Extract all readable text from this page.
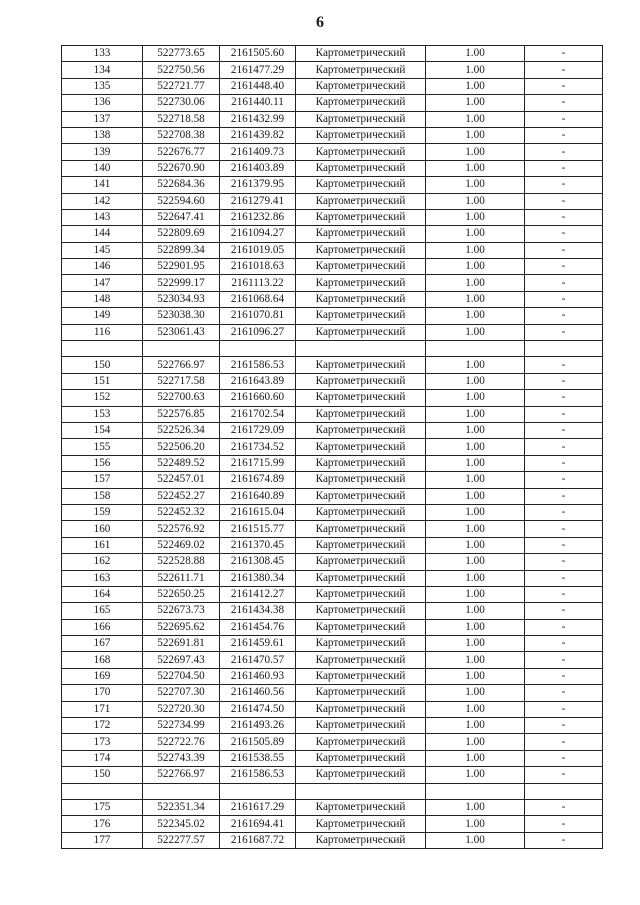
6
133	522773.65	2161505.60	Картометрический	1.00	-
134	522750.56	2161477.29	Картометрический	1.00	-
135	522721.77	2161448.40	Картометрический	1.00	-
136	522730.06	2161440.11	Картометрический	1.00	-
137	522718.58	2161432.99	Картометрический	1.00	-
138	522708.38	2161439.82	Картометрический	1.00	-
139	522676.77	2161409.73	Картометрический	1.00	-
140	522670.90	2161403.89	Картометрический	1.00	-
141	522684.36	2161379.95	Картометрический	1.00	-
142	522594.60	2161279.41	Картометрический	1.00	-
143	522647.41	2161232.86	Картометрический	1.00	-
144	522809.69	2161094.27	Картометрический	1.00	-
145	522899.34	2161019.05	Картометрический	1.00	-
146	522901.95	2161018.63	Картометрический	1.00	-
147	522999.17	2161113.22	Картометрический	1.00	-
148	523034.93	2161068.64	Картометрический	1.00	-
149	523038.30	2161070.81	Картометрический	1.00	-
116	523061.43	2161096.27	Картометрический	1.00	-

150	522766.97	2161586.53	Картометрический	1.00	-
151	522717.58	2161643.89	Картометрический	1.00	-
152	522700.63	2161660.60	Картометрический	1.00	-
153	522576.85	2161702.54	Картометрический	1.00	-
154	522526.34	2161729.09	Картометрический	1.00	-
155	522506.20	2161734.52	Картометрический	1.00	-
156	522489.52	2161715.99	Картометрический	1.00	-
157	522457.01	2161674.89	Картометрический	1.00	-
158	522452.27	2161640.89	Картометрический	1.00	-
159	522452.32	2161615.04	Картометрический	1.00	-
160	522576.92	2161515.77	Картометрический	1.00	-
161	522469.02	2161370.45	Картометрический	1.00	-
162	522528.88	2161308.45	Картометрический	1.00	-
163	522611.71	2161380.34	Картометрический	1.00	-
164	522650.25	2161412.27	Картометрический	1.00	-
165	522673.73	2161434.38	Картометрический	1.00	-
166	522695.62	2161454.76	Картометрический	1.00	-
167	522691.81	2161459.61	Картометрический	1.00	-
168	522697.43	2161470.57	Картометрический	1.00	-
169	522704.50	2161460.93	Картометрический	1.00	-
170	522707.30	2161460.56	Картометрический	1.00	-
171	522720.30	2161474.50	Картометрический	1.00	-
172	522734.99	2161493.26	Картометрический	1.00	-
173	522722.76	2161505.89	Картометрический	1.00	-
174	522743.39	2161538.55	Картометрический	1.00	-
150	522766.97	2161586.53	Картометрический	1.00	-

175	522351.34	2161617.29	Картометрический	1.00	-
176	522345.02	2161694.41	Картометрический	1.00	-
177	522277.57	2161687.72	Картометрический	1.00	-
